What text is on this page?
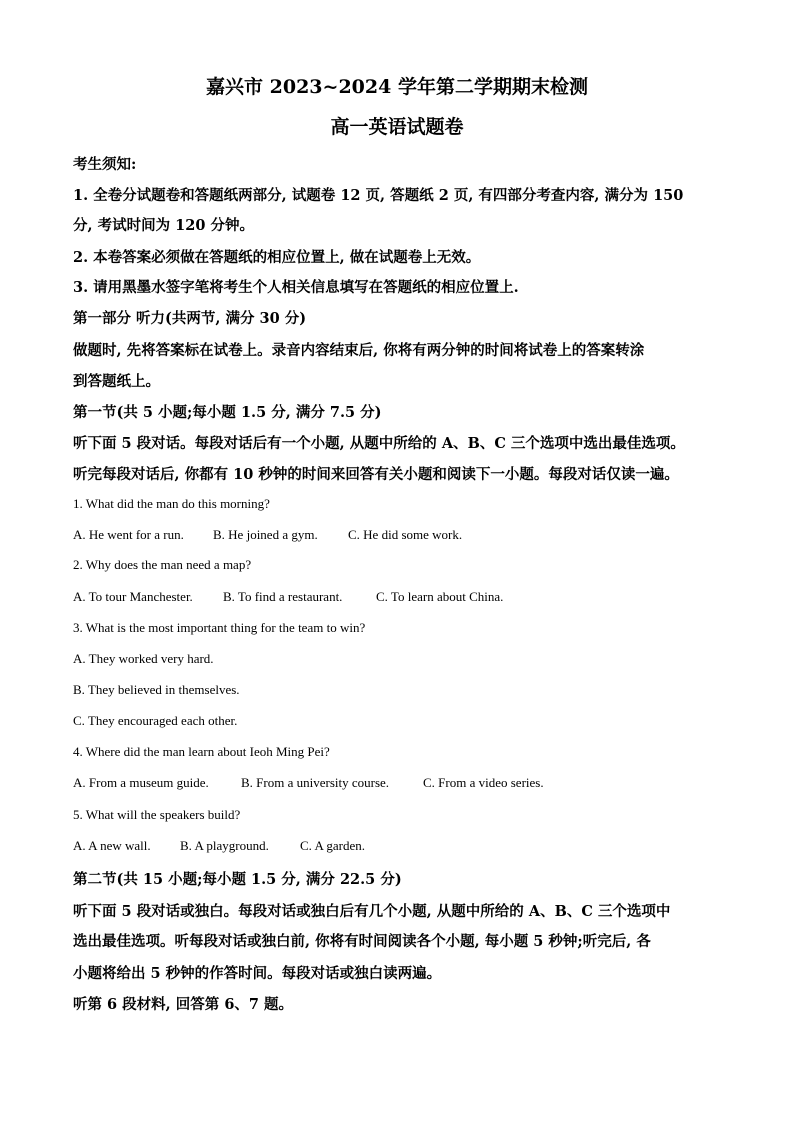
嘉兴市 2023~2024 学年第二学期期末检测
高一英语试题卷
考生须知:
1. 全卷分试题卷和答题纸两部分, 试题卷 12 页, 答题纸 2 页, 有四部分考查内容, 满分为 150
分, 考试时间为 120 分钟。
2. 本卷答案必须做在答题纸的相应位置上, 做在试题卷上无效。
3. 请用黑墨水签字笔将考生个人相关信息填写在答题纸的相应位置上.
第一部分 听力(共两节, 满分 30 分)
做题时, 先将答案标在试卷上。录音内容结束后, 你将有两分钟的时间将试卷上的答案转涂
到答题纸上。
第一节(共 5 小题;每小题 1.5 分, 满分 7.5 分)
听下面 5 段对话。每段对话后有一个小题, 从题中所给的 A、B、C 三个选项中选出最佳选项。
听完每段对话后, 你都有 10 秒钟的时间来回答有关小题和阅读下一小题。每段对话仅读一遍。
1. What did the man do this morning?
A. He went for a run. B. He joined a gym. C. He did some work.
2. Why does the man need a map?
A. To tour Manchester. B. To find a restaurant.	C. To learn about China.
3. What is the most important thing for the team to win?
A. They worked very hard.
B. They believed in themselves.
C. They encouraged each other.
4. Where did the man learn about Ieoh Ming Pei?
A. From a museum guide. B. From a university course.	C. From a video series.
5. What will the speakers build?
A. A new wall. B. A playground. C. A garden.
第二节(共 15 小题;每小题 1.5 分, 满分 22.5 分)
听下面 5 段对话或独白。每段对话或独白后有几个小题, 从题中所给的 A、B、C 三个选项中
选出最佳选项。听每段对话或独白前, 你将有时间阅读各个小题, 每小题 5 秒钟;听完后, 各
小题将给出 5 秒钟的作答时间。每段对话或独白读两遍。
听第 6 段材料, 回答第 6、7 题。
